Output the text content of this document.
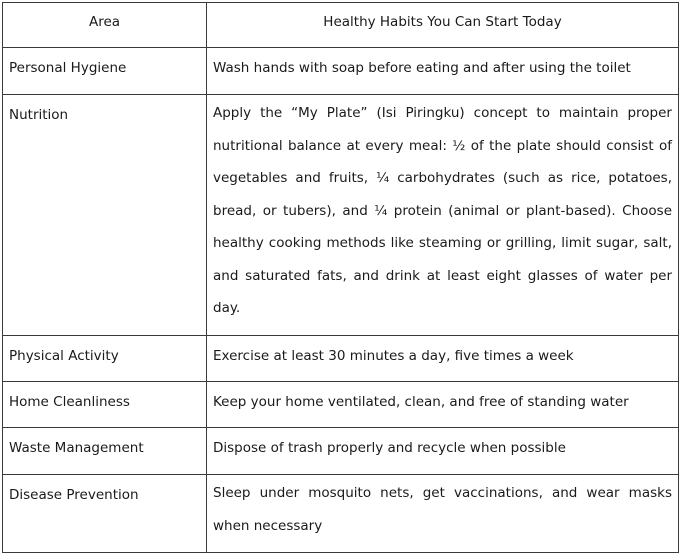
Area	Healthy Habits You Can Start Today
Personal Hygiene	Wash hands with soap before eating and after using the toilet
Nutrition	Apply the “My Plate” (Isi Piringku) concept to maintain proper nutritional balance at every meal: ½ of the plate should consist of vegetables and fruits, ¼ carbohydrates (such as rice, potatoes, bread, or tubers), and ¼ protein (animal or plant-based). Choose healthy cooking methods like steaming or grilling, limit sugar, salt, and saturated fats, and drink at least eight glasses of water per day.
Physical Activity	Exercise at least 30 minutes a day, five times a week
Home Cleanliness	Keep your home ventilated, clean, and free of standing water
Waste Management	Dispose of trash properly and recycle when possible
Disease Prevention	Sleep under mosquito nets, get vaccinations, and wear masks when necessary
